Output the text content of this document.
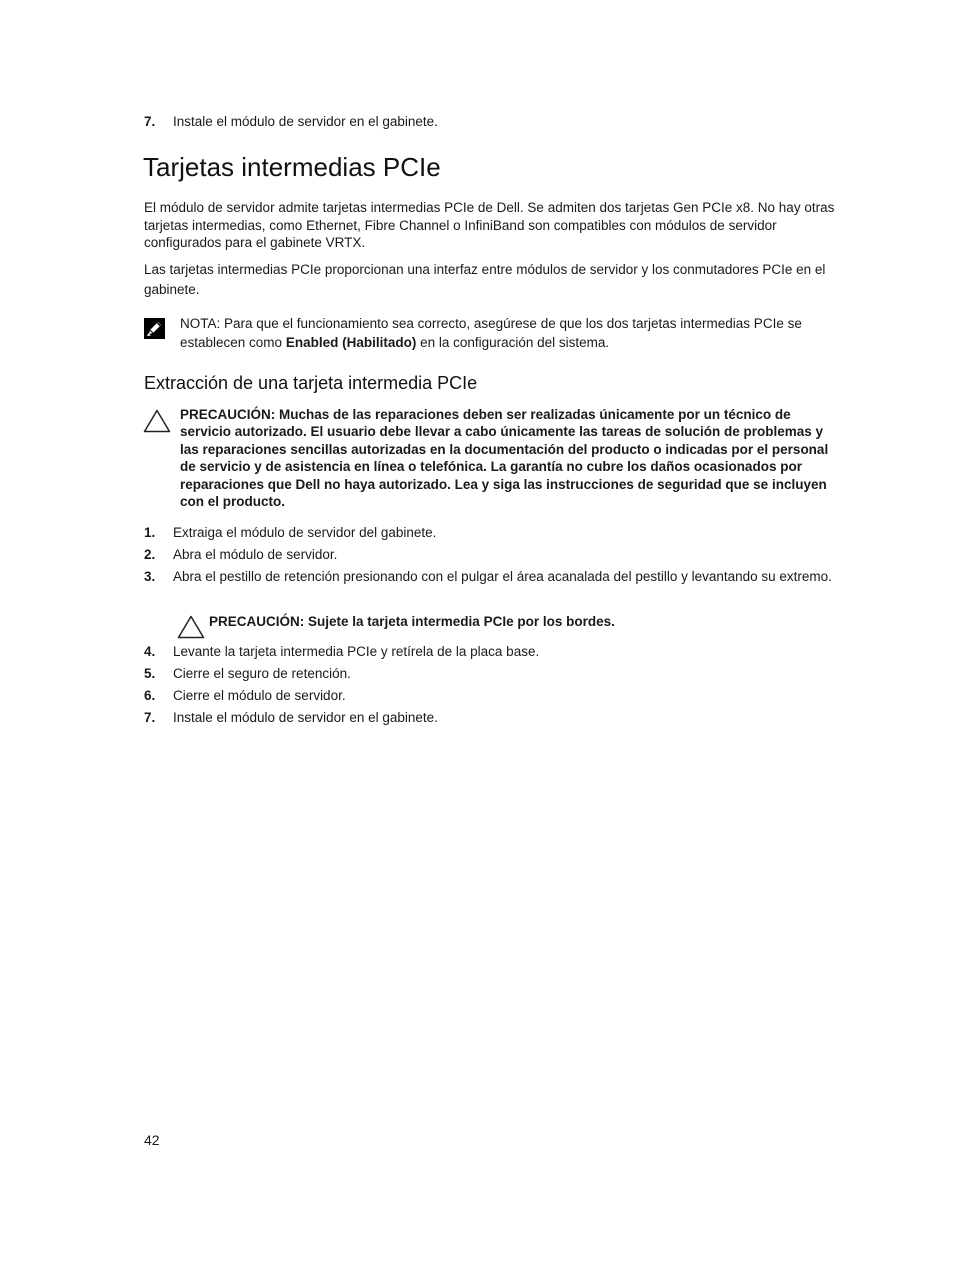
7. Instale el módulo de servidor en el gabinete.
Tarjetas intermedias PCIe

El módulo de servidor admite tarjetas intermedias PCIe de Dell. Se admiten dos tarjetas Gen PCIe x8. No hay otras tarjetas intermedias, como Ethernet, Fibre Channel o InfiniBand son compatibles con módulos de servidor configurados para el gabinete VRTX.

Las tarjetas intermedias PCIe proporcionan una interfaz entre módulos de servidor y los conmutadores PCIe en el gabinete.

NOTA: Para que el funcionamiento sea correcto, asegúrese de que los dos tarjetas intermedias PCIe se establecen como Enabled (Habilitado) en la configuración del sistema.
Extracción de una tarjeta intermedia PCIe
PRECAUCIÓN: Muchas de las reparaciones deben ser realizadas únicamente por un técnico de servicio autorizado. El usuario debe llevar a cabo únicamente las tareas de solución de problemas y las reparaciones sencillas autorizadas en la documentación del producto o indicadas por el personal de servicio y de asistencia en línea o telefónica. La garantía no cubre los daños ocasionados por reparaciones que Dell no haya autorizado. Lea y siga las instrucciones de seguridad que se incluyen con el producto.
1. Extraiga el módulo de servidor del gabinete.
2. Abra el módulo de servidor.
3. Abra el pestillo de retención presionando con el pulgar el área acanalada del pestillo y levantando su extremo.
PRECAUCIÓN: Sujete la tarjeta intermedia PCIe por los bordes.
4. Levante la tarjeta intermedia PCIe y retírela de la placa base.
5. Cierre el seguro de retención.
6. Cierre el módulo de servidor.
7. Instale el módulo de servidor en el gabinete.
42
